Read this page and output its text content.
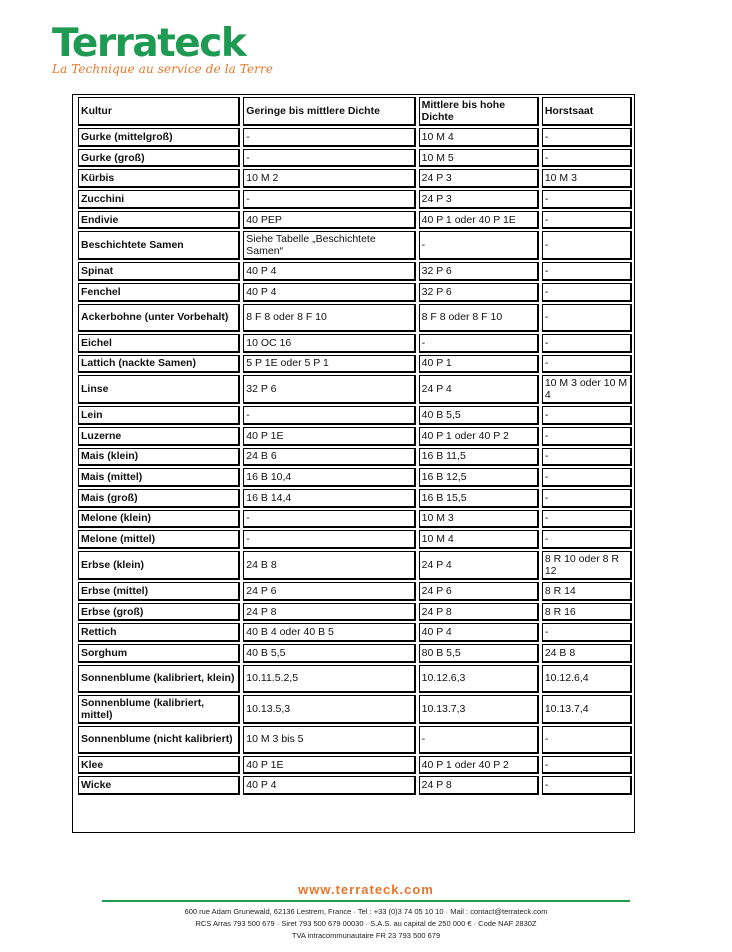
Terrateck
La Technique au service de la Terre
Kultur	Geringe bis mittlere Dichte	Mittlere bis hohe Dichte	Horstsaat
Gurke (mittelgroß)	-	10 M 4	-
Gurke (groß)	-	10 M 5	-
Kürbis	10 M 2	24 P 3	10 M 3
Zucchini	-	24 P 3	-
Endivie	40 PEP	40 P 1 oder 40 P 1E	-
Beschichtete Samen	Siehe Tabelle „Beschichtete Samen“	-	-
Spinat	40 P 4	32 P 6	-
Fenchel	40 P 4	32 P 6	-
Ackerbohne (unter Vorbehalt)	8 F 8 oder 8 F 10	8 F 8 oder 8 F 10	-
Eichel	10 OC 16	-	-
Lattich (nackte Samen)	5 P 1E oder 5 P 1	40 P 1	-
Linse	32 P 6	24 P 4	10 M 3 oder 10 M 4
Lein	-	40 B 5,5	-
Luzerne	40 P 1E	40 P 1 oder 40 P 2	-
Mais (klein)	24 B 6	16 B 11,5	-
Mais (mittel)	16 B 10,4	16 B 12,5	-
Mais (groß)	16 B 14,4	16 B 15,5	-
Melone (klein)	-	10 M 3	-
Melone (mittel)	-	10 M 4	-
Erbse (klein)	24 B 8	24 P 4	8 R 10 oder 8 R 12
Erbse (mittel)	24 P 6	24 P 6	8 R 14
Erbse (groß)	24 P 8	24 P 8	8 R 16
Rettich	40 B 4 oder 40 B 5	40 P 4	-
Sorghum	40 B 5,5	80 B 5,5	24 B 8
Sonnenblume (kalibriert, klein)	10.11.5.2,5	10.12.6,3	10.12.6,4
Sonnenblume (kalibriert, mittel)	10.13.5,3	10.13.7,3	10.13.7,4
Sonnenblume (nicht kalibriert)	10 M 3 bis 5	-	-
Klee	40 P 1E	40 P 1 oder 40 P 2	-
Wicke	40 P 4	24 P 8	-
www.terrateck.com
600 rue Adam Grunewald, 62136 Lestrem, France · Tel : +33 (0)3 74 05 10 10 · Mail : contact@terrateck.com
RCS Arras 793 500 679 · Siret 793 500 679 00030 · S.A.S. au capital de 250 000 € · Code NAF 2830Z
TVA intracommunautaire FR 23 793 500 679
